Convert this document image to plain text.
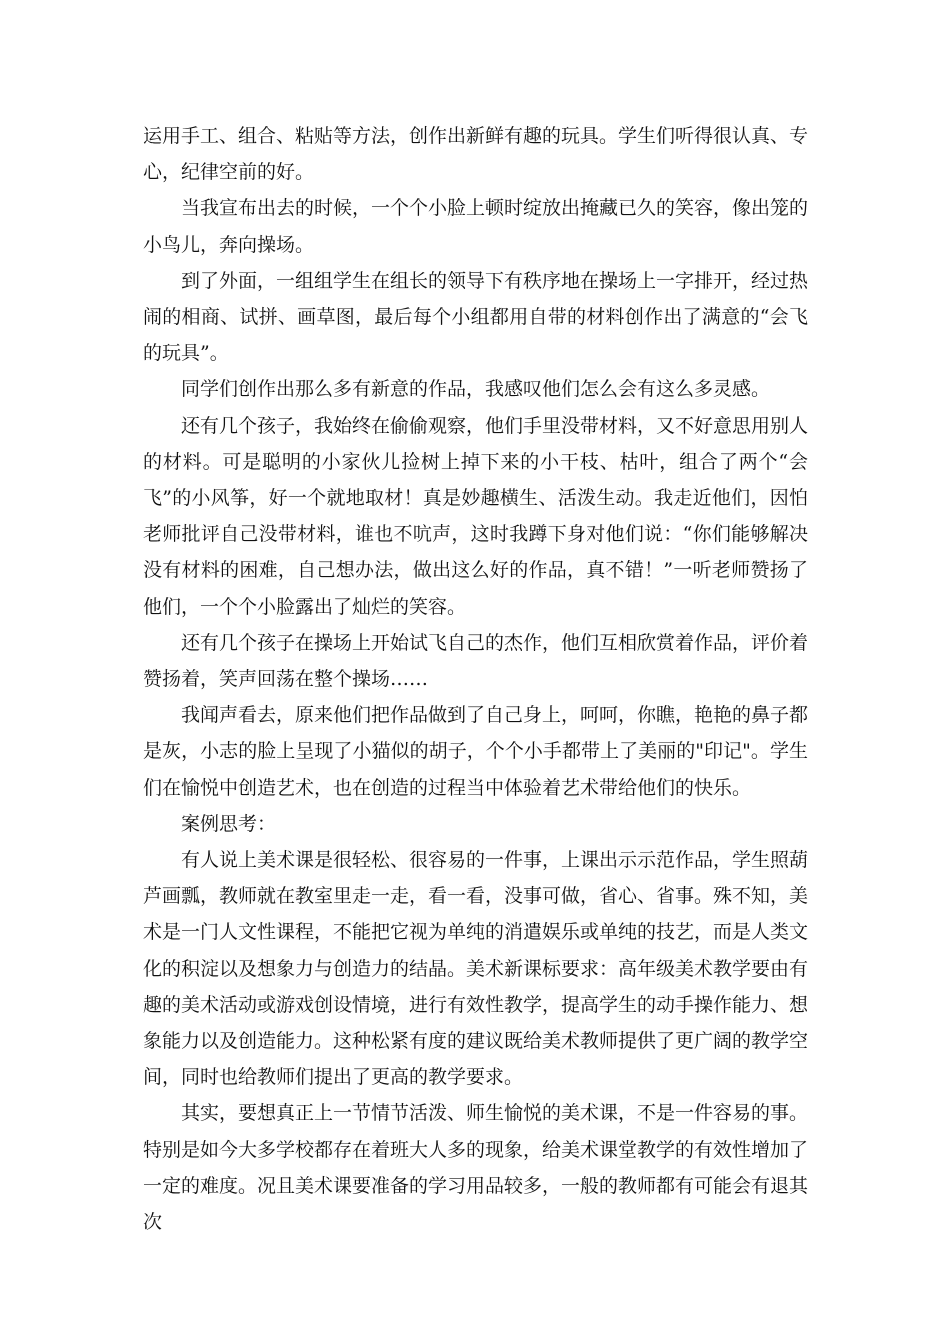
运用手工、组合、粘贴等方法，创作出新鲜有趣的玩具。学生们听得很认真、专心，纪律空前的好。

当我宣布出去的时候，一个个小脸上顿时绽放出掩藏已久的笑容，像出笼的小鸟儿，奔向操场。

到了外面，一组组学生在组长的领导下有秩序地在操场上一字排开，经过热闹的相商、试拼、画草图，最后每个小组都用自带的材料创作出了满意的“会飞的玩具”。

同学们创作出那么多有新意的作品，我感叹他们怎么会有这么多灵感。

还有几个孩子，我始终在偷偷观察，他们手里没带材料，又不好意思用别人的材料。可是聪明的小家伙儿捡树上掉下来的小干枝、枯叶，组合了两个“会飞”的小风筝，好一个就地取材！真是妙趣横生、活泼生动。我走近他们，因怕老师批评自己没带材料，谁也不吭声，这时我蹲下身对他们说：“你们能够解决没有材料的困难，自己想办法，做出这么好的作品，真不错！”一听老师赞扬了他们，一个个小脸露出了灿烂的笑容。

还有几个孩子在操场上开始试飞自己的杰作，他们互相欣赏着作品，评价着赞扬着，笑声回荡在整个操场……

我闻声看去，原来他们把作品做到了自己身上，呵呵，你瞧，艳艳的鼻子都是灰，小志的脸上呈现了小猫似的胡子，个个小手都带上了美丽的"印记"。学生们在愉悦中创造艺术，也在创造的过程当中体验着艺术带给他们的快乐。

案例思考：

有人说上美术课是很轻松、很容易的一件事，上课出示示范作品，学生照葫芦画瓢，教师就在教室里走一走，看一看，没事可做，省心、省事。殊不知，美术是一门人文性课程，不能把它视为单纯的消遣娱乐或单纯的技艺，而是人类文化的积淀以及想象力与创造力的结晶。美术新课标要求：高年级美术教学要由有趣的美术活动或游戏创设情境，进行有效性教学，提高学生的动手操作能力、想象能力以及创造能力。这种松紧有度的建议既给美术教师提供了更广阔的教学空间，同时也给教师们提出了更高的教学要求。

其实，要想真正上一节情节活泼、师生愉悦的美术课，不是一件容易的事。特别是如今大多学校都存在着班大人多的现象，给美术课堂教学的有效性增加了一定的难度。况且美术课要准备的学习用品较多，一般的教师都有可能会有退其次
